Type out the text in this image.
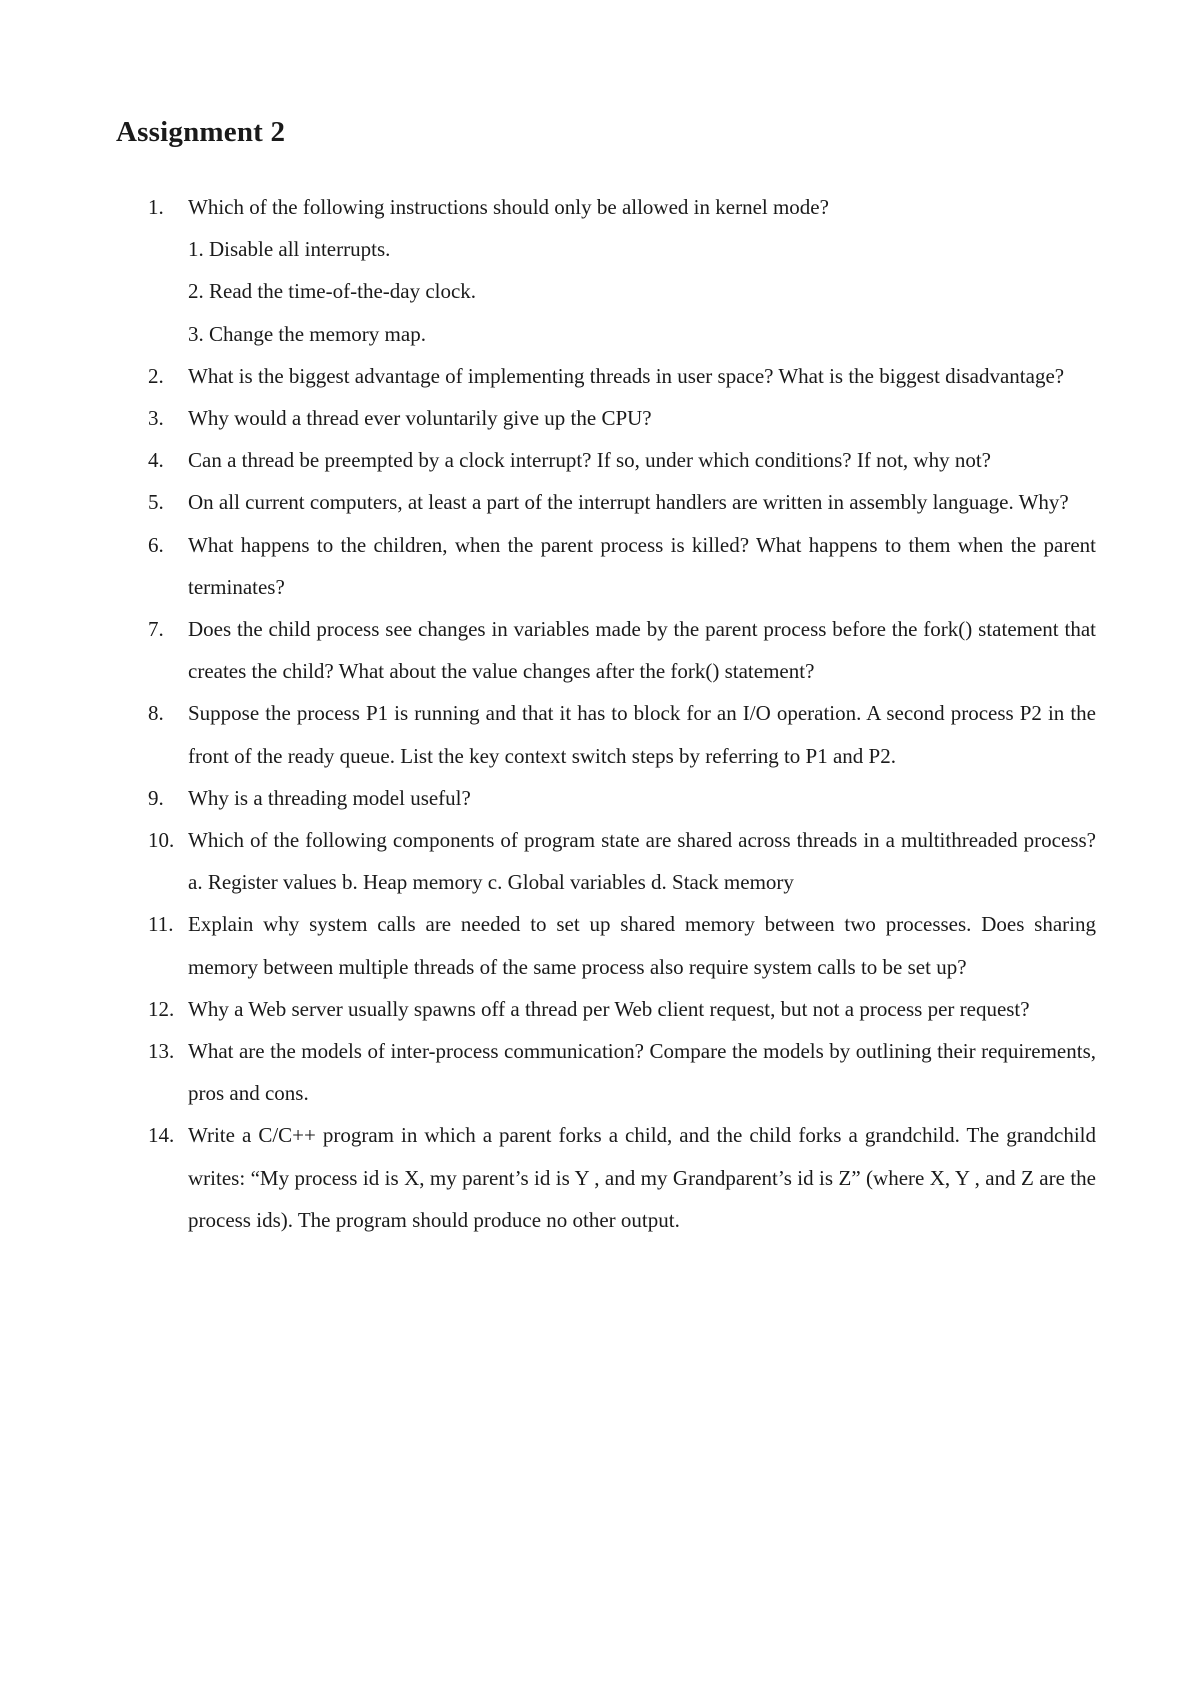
Assignment 2
1. Which of the following instructions should only be allowed in kernel mode?
1. Disable all interrupts.
2. Read the time-of-the-day clock.
3. Change the memory map.
2. What is the biggest advantage of implementing threads in user space? What is the biggest disadvantage?
3. Why would a thread ever voluntarily give up the CPU?
4. Can a thread be preempted by a clock interrupt? If so, under which conditions? If not, why not?
5. On all current computers, at least a part of the interrupt handlers are written in assembly language. Why?
6. What happens to the children, when the parent process is killed? What happens to them when the parent terminates?
7. Does the child process see changes in variables made by the parent process before the fork() statement that creates the child? What about the value changes after the fork() statement?
8. Suppose the process P1 is running and that it has to block for an I/O operation. A second process P2 in the front of the ready queue. List the key context switch steps by referring to P1 and P2.
9. Why is a threading model useful?
10. Which of the following components of program state are shared across threads in a multithreaded process? a. Register values b. Heap memory c. Global variables d. Stack memory
11. Explain why system calls are needed to set up shared memory between two processes. Does sharing memory between multiple threads of the same process also require system calls to be set up?
12. Why a Web server usually spawns off a thread per Web client request, but not a process per request?
13. What are the models of inter-process communication? Compare the models by outlining their requirements, pros and cons.
14. Write a C/C++ program in which a parent forks a child, and the child forks a grandchild. The grandchild writes: “My process id is X, my parent’s id is Y , and my Grandparent’s id is Z” (where X, Y , and Z are the process ids). The program should produce no other output.
